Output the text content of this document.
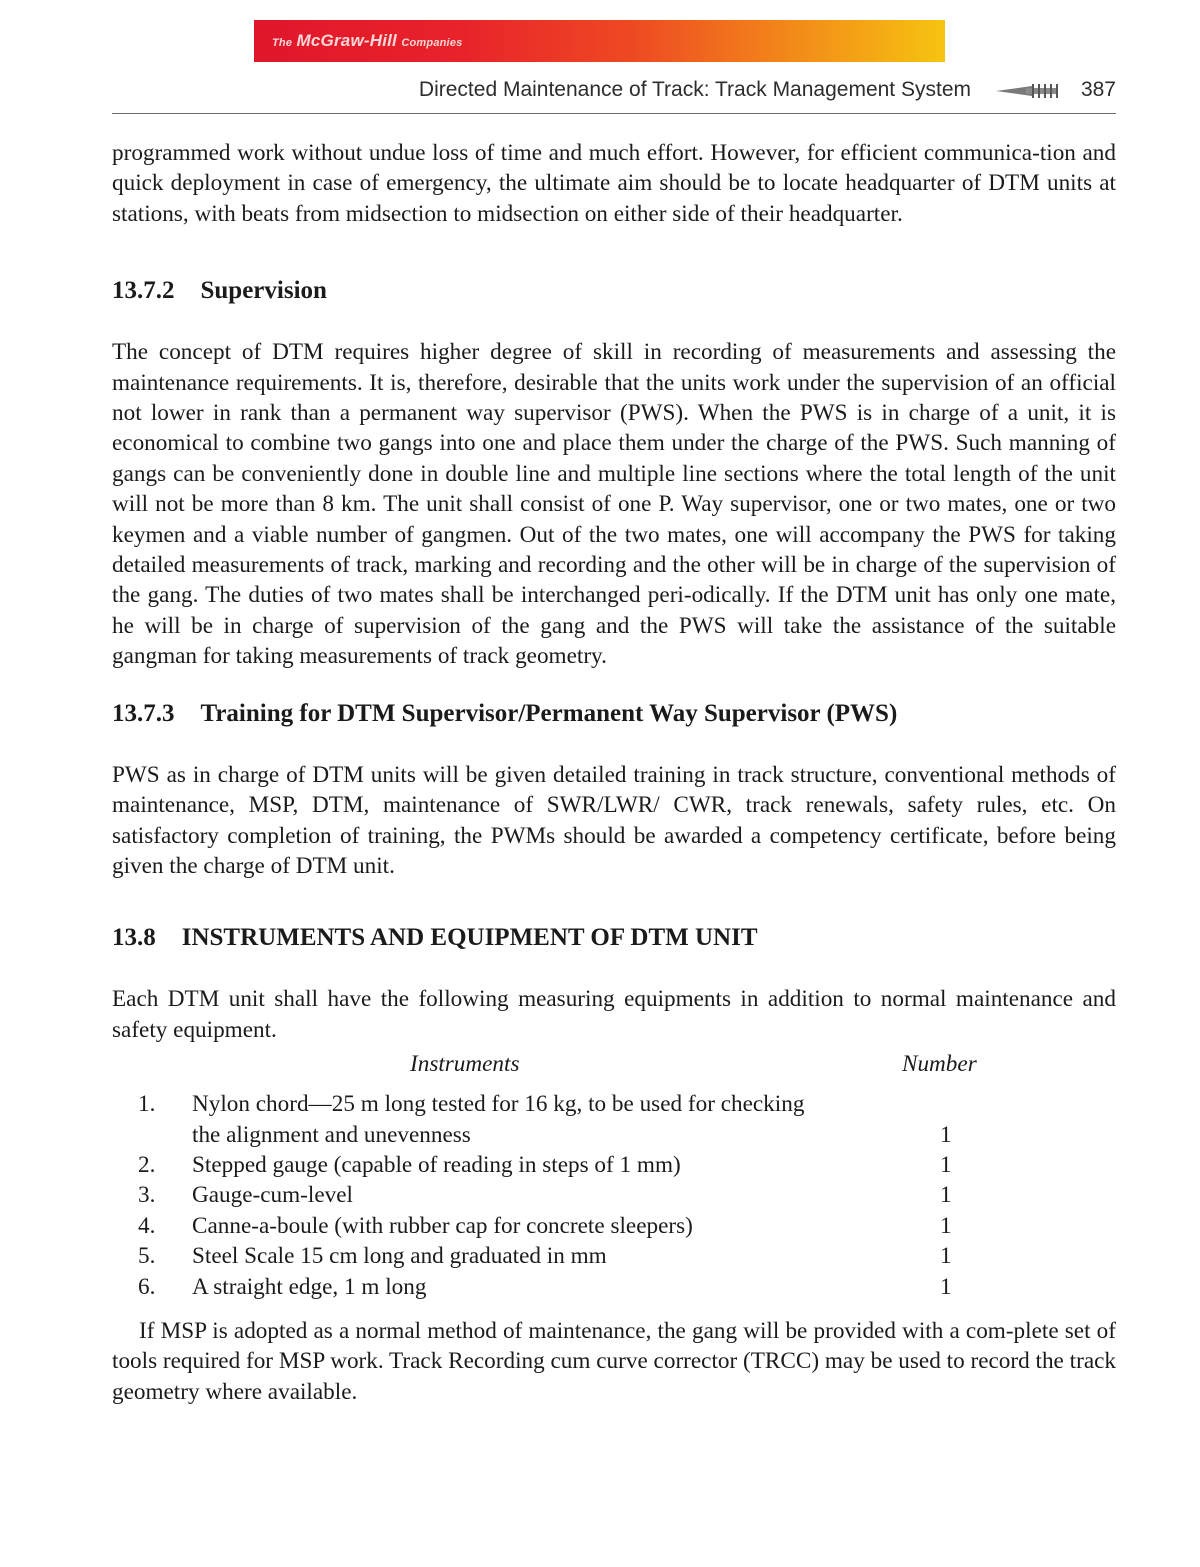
The McGraw-Hill Companies
Directed Maintenance of Track: Track Management System	387

programmed work without undue loss of time and much effort. However, for efficient communica-tion and quick deployment in case of emergency, the ultimate aim should be to locate headquarter of DTM units at stations, with beats from midsection to midsection on either side of their headquarter.

13.7.2 Supervision

The concept of DTM requires higher degree of skill in recording of measurements and assessing the maintenance requirements. It is, therefore, desirable that the units work under the supervision of an official not lower in rank than a permanent way supervisor (PWS). When the PWS is in charge of a unit, it is economical to combine two gangs into one and place them under the charge of the PWS. Such manning of gangs can be conveniently done in double line and multiple line sections where the total length of the unit will not be more than 8 km. The unit shall consist of one P. Way supervisor, one or two mates, one or two keymen and a viable number of gangmen. Out of the two mates, one will accompany the PWS for taking detailed measurements of track, marking and recording and the other will be in charge of the supervision of the gang. The duties of two mates shall be interchanged peri-odically. If the DTM unit has only one mate, he will be in charge of supervision of the gang and the PWS will take the assistance of the suitable gangman for taking measurements of track geometry.

13.7.3 Training for DTM Supervisor/Permanent Way Supervisor (PWS)

PWS as in charge of DTM units will be given detailed training in track structure, conventional methods of maintenance, MSP, DTM, maintenance of SWR/LWR/ CWR, track renewals, safety rules, etc. On satisfactory completion of training, the PWMs should be awarded a competency certificate, before being given the charge of DTM unit.

13.8 INSTRUMENTS AND EQUIPMENT OF DTM UNIT

Each DTM unit shall have the following measuring equipments in addition to normal maintenance and safety equipment.

Instruments	Number
1. Nylon chord—25 m long tested for 16 kg, to be used for checking the alignment and unevenness	1
2. Stepped gauge (capable of reading in steps of 1 mm)	1
3. Gauge-cum-level	1
4. Canne-a-boule (with rubber cap for concrete sleepers)	1
5. Steel Scale 15 cm long and graduated in mm	1
6. A straight edge, 1 m long	1

If MSP is adopted as a normal method of maintenance, the gang will be provided with a com-plete set of tools required for MSP work. Track Recording cum curve corrector (TRCC) may be used to record the track geometry where available.
